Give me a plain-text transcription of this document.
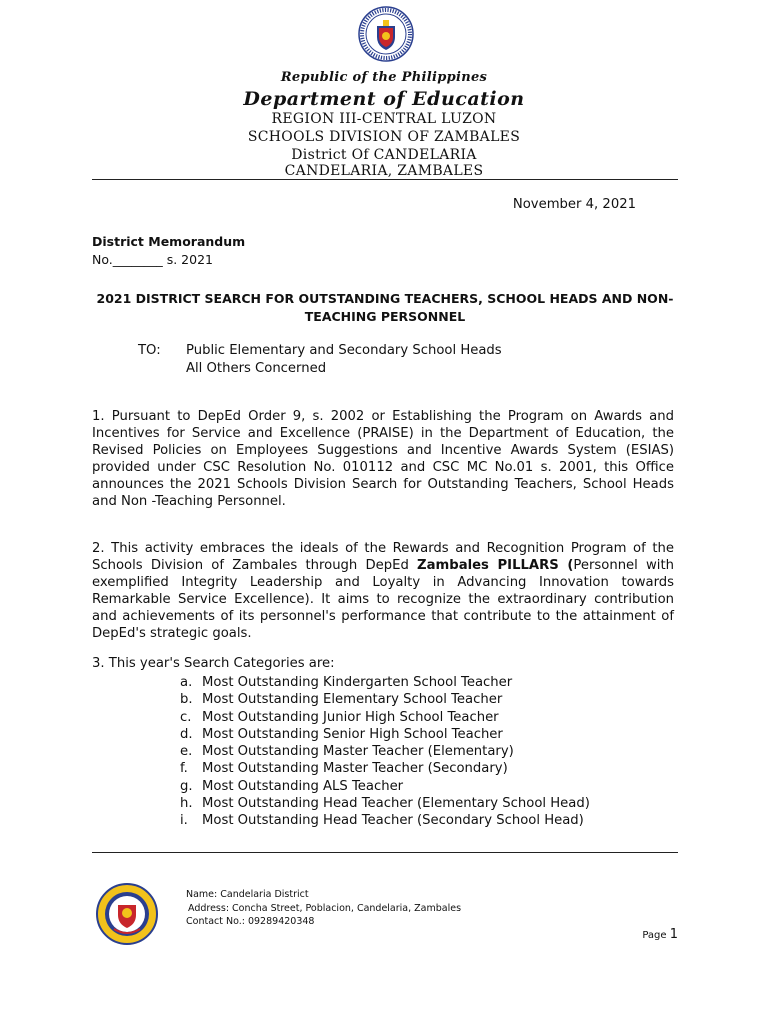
Republic of the Philippines
Department of Education
REGION III-CENTRAL LUZON
SCHOOLS DIVISION OF ZAMBALES
District Of CANDELARIA
CANDELARIA, ZAMBALES
November 4, 2021
District Memorandum
No.________ s. 2021
2021 DISTRICT SEARCH FOR OUTSTANDING TEACHERS, SCHOOL HEADS AND NON-TEACHING PERSONNEL
TO: Public Elementary and Secondary School Heads
All Others Concerned
1. Pursuant to DepEd Order 9, s. 2002 or Establishing the Program on Awards and Incentives for Service and Excellence (PRAISE) in the Department of Education, the Revised Policies on Employees Suggestions and Incentive Awards System (ESIAS) provided under CSC Resolution No. 010112 and CSC MC No.01 s. 2001, this Office announces the 2021 Schools Division Search for Outstanding Teachers, School Heads and Non -Teaching Personnel.
2. This activity embraces the ideals of the Rewards and Recognition Program of the Schools Division of Zambales through DepEd Zambales PILLARS (Personnel with exemplified Integrity Leadership and Loyalty in Advancing Innovation towards Remarkable Service Excellence). It aims to recognize the extraordinary contribution and achievements of its personnel's performance that contribute to the attainment of DepEd's strategic goals.
3. This year's Search Categories are:
a. Most Outstanding Kindergarten School Teacher
b. Most Outstanding Elementary School Teacher
c. Most Outstanding Junior High School Teacher
d. Most Outstanding Senior High School Teacher
e. Most Outstanding Master Teacher (Elementary)
f.	Most Outstanding Master Teacher (Secondary)
g. Most Outstanding ALS Teacher
h. Most Outstanding Head Teacher (Elementary School Head)
i.	Most Outstanding Head Teacher (Secondary School Head)
Name: Candelaria District
Address: Concha Street, Poblacion, Candelaria, Zambales
Contact No.: 09289420348
Page 1
